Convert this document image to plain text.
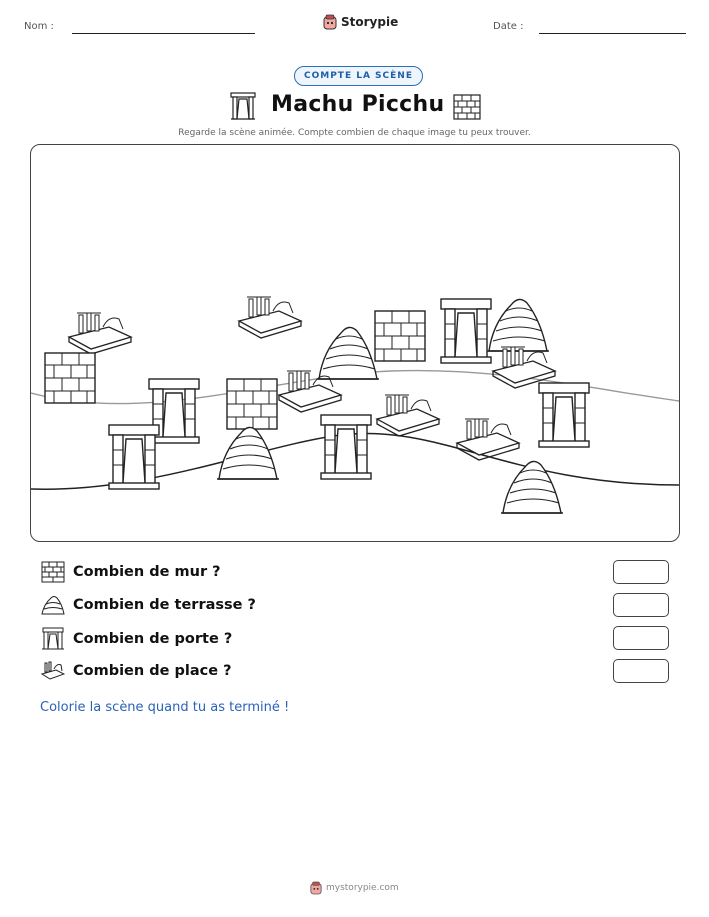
Nom :	Storypie	Date :
COMPTE LA SCÈNE
Machu Picchu
Regarde la scène animée. Compte combien de chaque image tu peux trouver.
Combien de mur ?
Combien de terrasse ?
Combien de porte ?
Combien de place ?
Colorie la scène quand tu as terminé !
mystorypie.com
